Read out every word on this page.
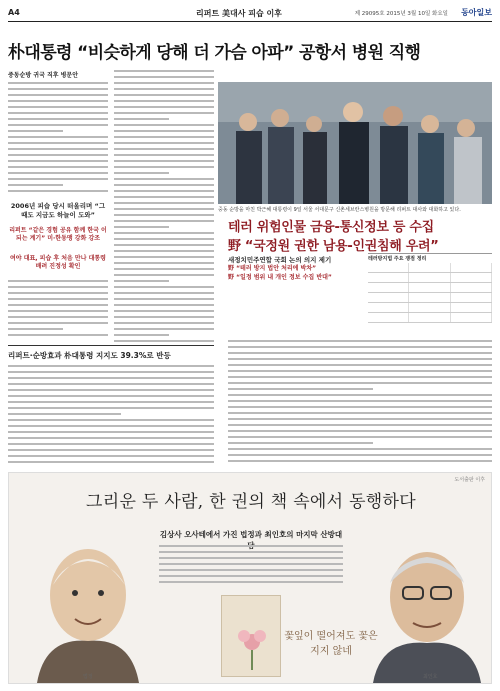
A4	리퍼트 美대사 피습 이후	제 29095호 2015년 3월 10일 화요일 동아일보
朴대통령 “비슷하게 당해 더 가슴 아파” 공항서 병원 직행
중동순방 귀국 직후 병문안
2006년 피습 당시 떠올리며 “그때도 지금도 하늘이 도와”
리퍼트 “같은 경험 공유 함께 한국 이 되는 계기” 미·한동맹 강화 강조
여야 대표, 피습 후 처음 만나 대통령 배려 진정성 확인
중동 순방을 마친 박근혜 대통령이 9일 서울 서대문구 신촌세브란스병원을 방문해 리퍼트 대사와 대화하고 있다.
테러 위험인물 금융-통신정보 등 수집
野 “국정원 권한 남용-인권침해 우려”
새정치민주연합 국회 논의 의지 제기
野 “테러 방지 법안 처리에 박차”
野 “일정 범위 내 개인 정보 수집 반대”
테러방지법 주요 쟁점 정리
리퍼트·순방효과 朴대통령 지지도 39.3%로 반등
도서출판 이후
그리운 두 사람, 한 권의 책 속에서 동행하다
김상사 오사테에서 가진 법정과 최인호의 마지막 산방대
꽃잎이 떨어져도 꽃은 지지 않네
법정	최인호
